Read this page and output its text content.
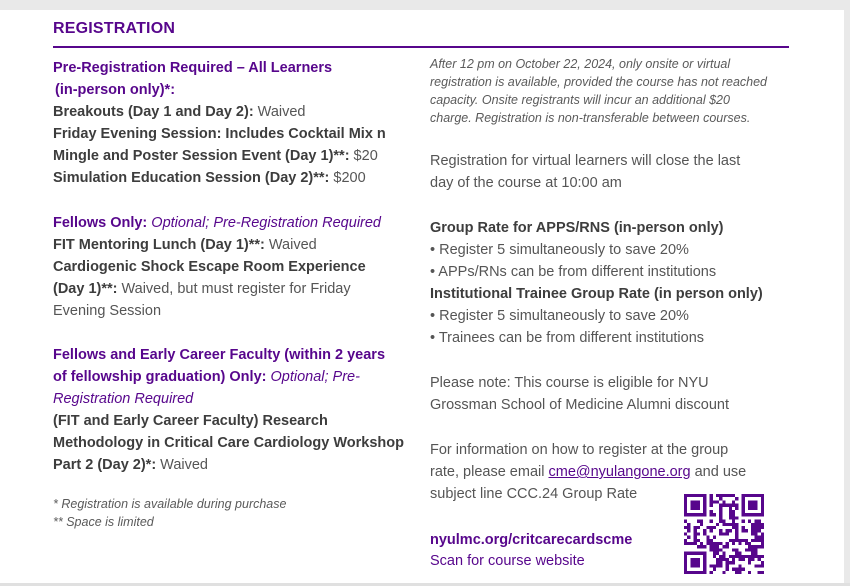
REGISTRATION
Pre-Registration Required – All Learners
(in-person only)*:
Breakouts (Day 1 and Day 2): Waived
Friday Evening Session: Includes Cocktail Mix n
Mingle and Poster Session Event (Day 1)**: $20
Simulation Education Session (Day 2)**: $200
Fellows Only: Optional; Pre-Registration Required
FIT Mentoring Lunch (Day 1)**: Waived
Cardiogenic Shock Escape Room Experience
(Day 1)**: Waived, but must register for Friday
Evening Session
Fellows and Early Career Faculty (within 2 years
of fellowship graduation) Only: Optional; Pre-
Registration Required
(FIT and Early Career Faculty) Research
Methodology in Critical Care Cardiology Workshop
Part 2 (Day 2)*: Waived
* Registration is available during purchase
** Space is limited
After 12 pm on October 22, 2024, only onsite or virtual
registration is available, provided the course has not reached
capacity. Onsite registrants will incur an additional $20
charge. Registration is non-transferable between courses.
Registration for virtual learners will close the last
day of the course at 10:00 am
Group Rate for APPS/RNS (in-person only)
• Register 5 simultaneously to save 20%
• APPs/RNs can be from different institutions
Institutional Trainee Group Rate (in person only)
• Register 5 simultaneously to save 20%
• Trainees can be from different institutions
Please note: This course is eligible for NYU
Grossman School of Medicine Alumni discount
For information on how to register at the group
rate, please email cme@nyulangone.org and use
subject line CCC.24 Group Rate
nyulmc.org/critcarecardscme
Scan for course website
